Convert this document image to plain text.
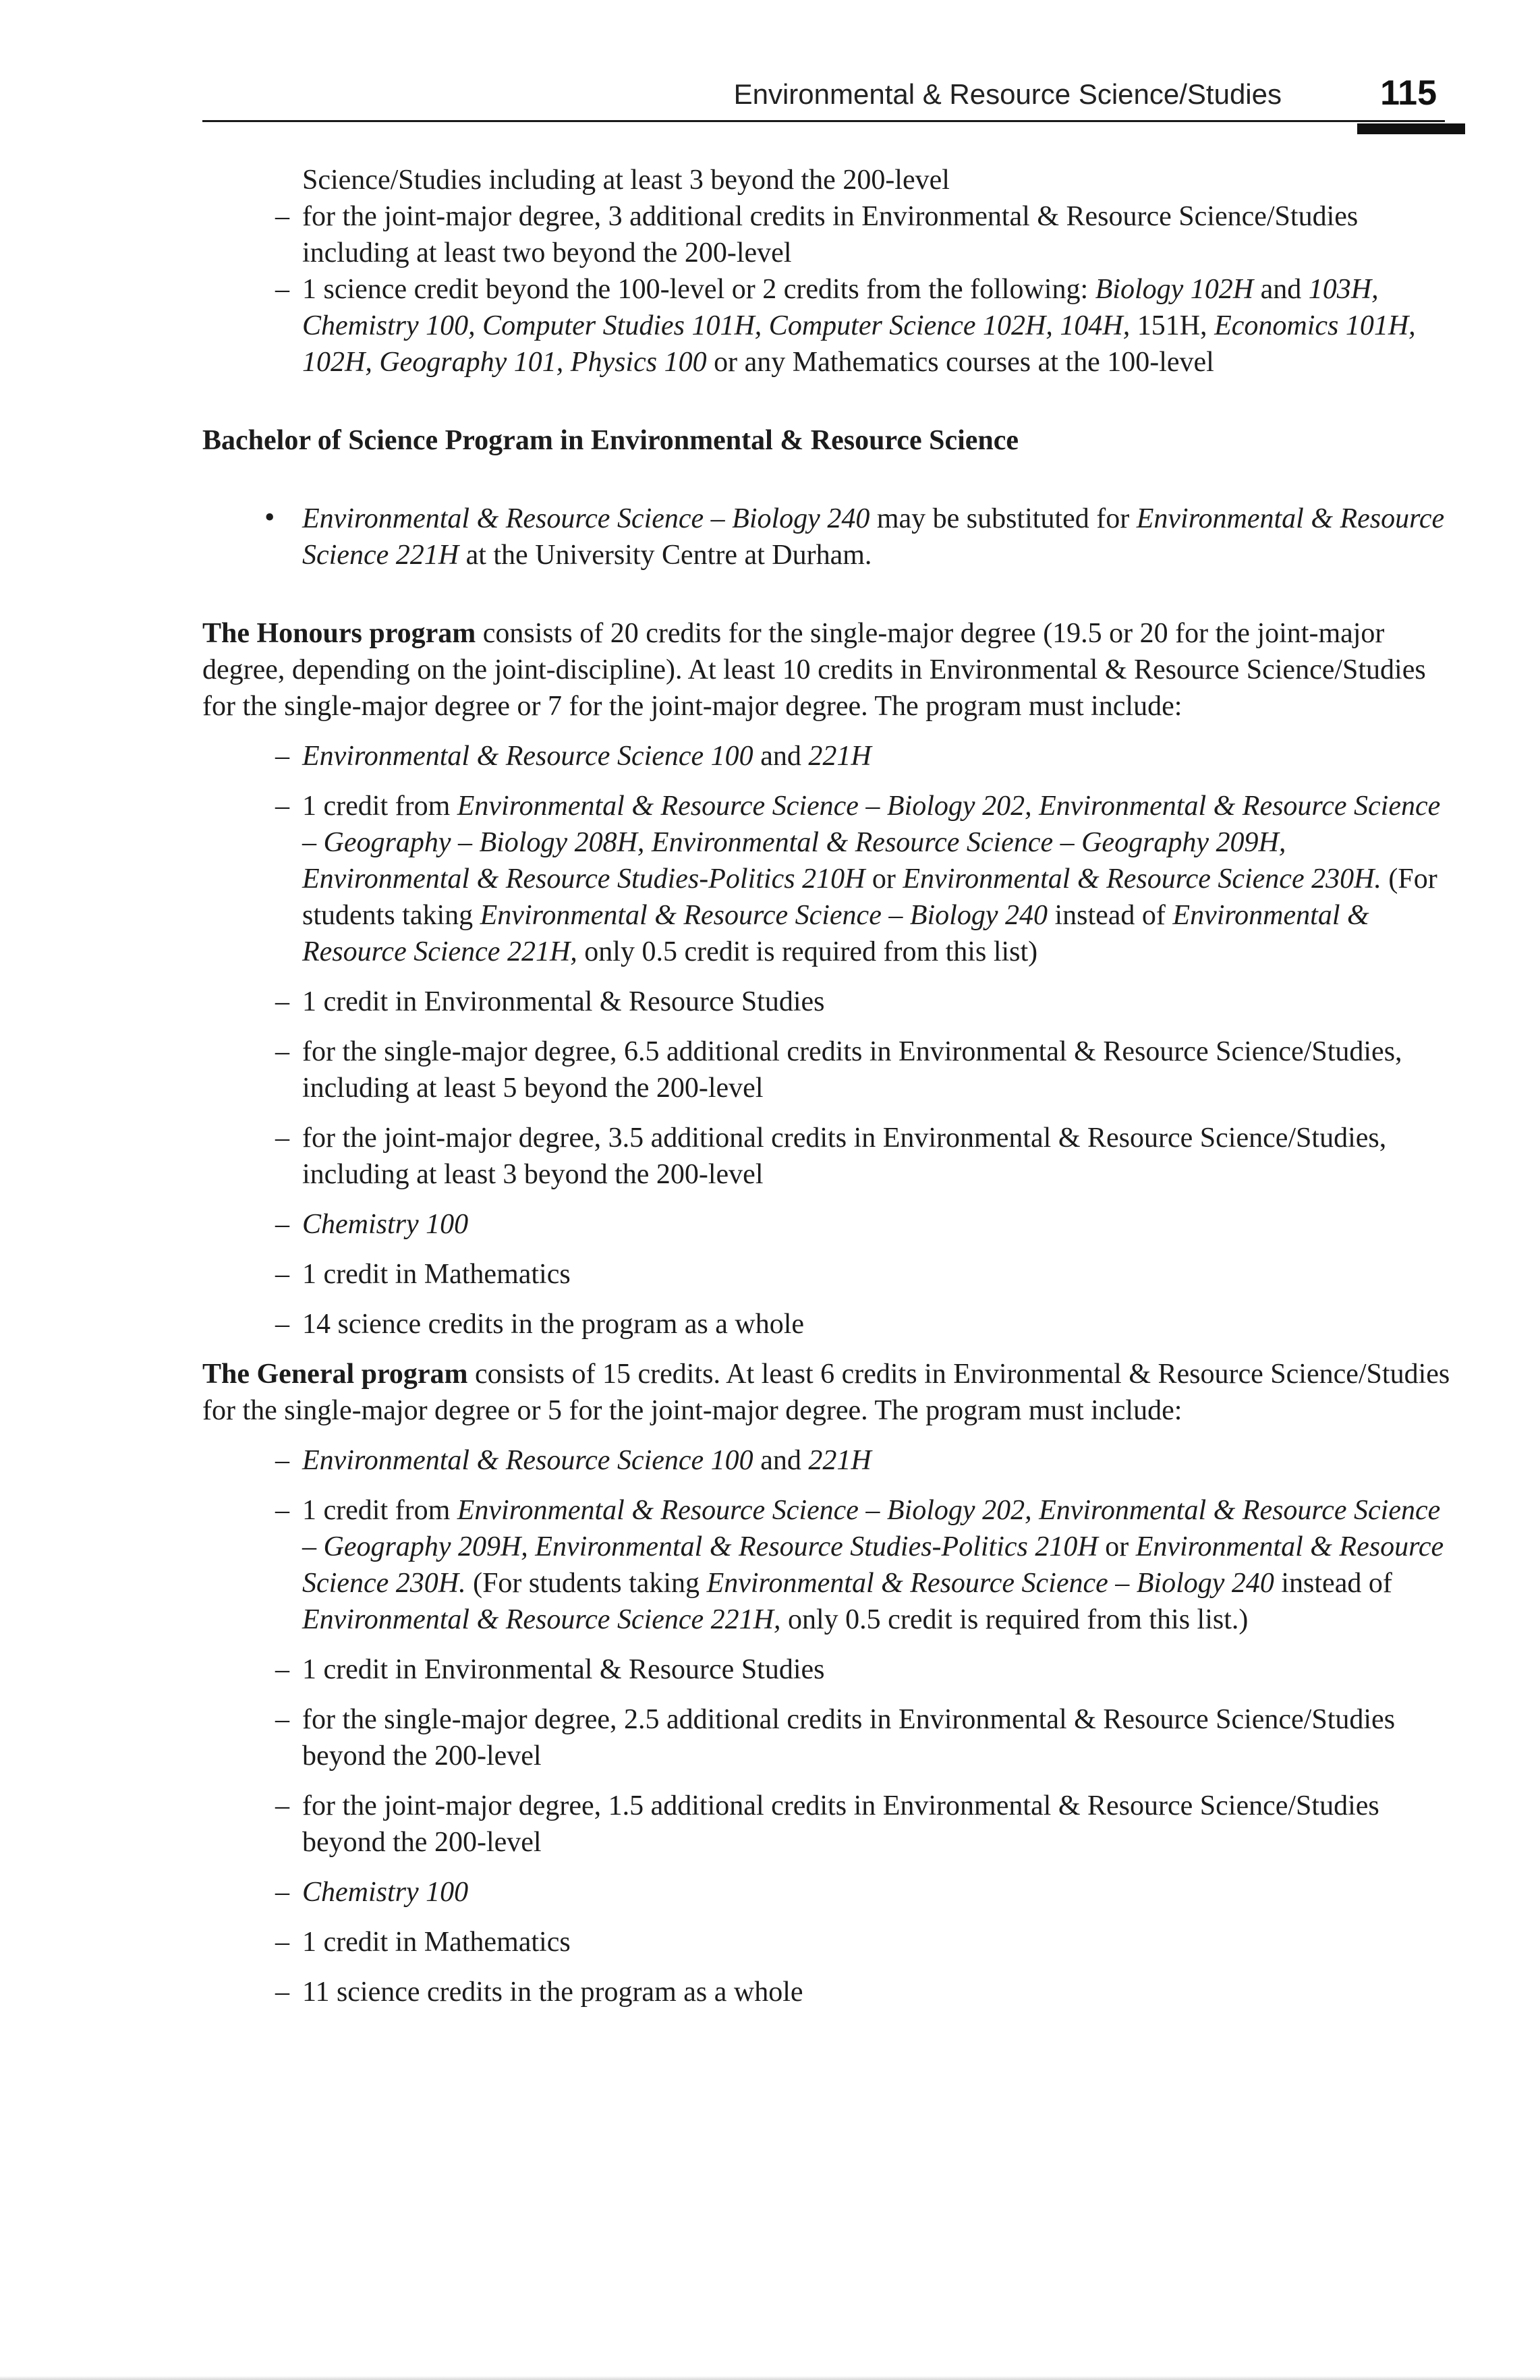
Environmental & Resource Science/Studies	115

Science/Studies including at least 3 beyond the 200-level

– for the joint-major degree, 3 additional credits in Environmental & Resource Science/Studies including at least two beyond the 200-level

– 1 science credit beyond the 100-level or 2 credits from the following: Biology 102H and 103H, Chemistry 100, Computer Studies 101H, Computer Science 102H, 104H, 151H, Economics 101H, 102H, Geography 101, Physics 100 or any Mathematics courses at the 100-level

Bachelor of Science Program in Environmental & Resource Science

• Environmental & Resource Science – Biology 240 may be substituted for Environmental & Resource Science 221H at the University Centre at Durham.

The Honours program consists of 20 credits for the single-major degree (19.5 or 20 for the joint-major degree, depending on the joint-discipline). At least 10 credits in Environmental & Resource Science/Studies for the single-major degree or 7 for the joint-major degree. The program must include:

– Environmental & Resource Science 100 and 221H

– 1 credit from Environmental & Resource Science – Biology 202, Environmental & Resource Science – Geography – Biology 208H, Environmental & Resource Science – Geography 209H, Environmental & Resource Studies-Politics 210H or Environmental & Resource Science 230H. (For students taking Environmental & Resource Science – Biology 240 instead of Environmental & Resource Science 221H, only 0.5 credit is required from this list)

– 1 credit in Environmental & Resource Studies

– for the single-major degree, 6.5 additional credits in Environmental & Resource Science/Studies, including at least 5 beyond the 200-level

– for the joint-major degree, 3.5 additional credits in Environmental & Resource Science/Studies, including at least 3 beyond the 200-level

– Chemistry 100

– 1 credit in Mathematics

– 14 science credits in the program as a whole

The General program consists of 15 credits. At least 6 credits in Environmental & Resource Science/Studies for the single-major degree or 5 for the joint-major degree. The program must include:

– Environmental & Resource Science 100 and 221H

– 1 credit from Environmental & Resource Science – Biology 202, Environmental & Resource Science – Geography 209H, Environmental & Resource Studies-Politics 210H or Environmental & Resource Science 230H. (For students taking Environmental & Resource Science – Biology 240 instead of Environmental & Resource Science 221H, only 0.5 credit is required from this list.)

– 1 credit in Environmental & Resource Studies

– for the single-major degree, 2.5 additional credits in Environmental & Resource Science/Studies beyond the 200-level

– for the joint-major degree, 1.5 additional credits in Environmental & Resource Science/Studies beyond the 200-level

– Chemistry 100

– 1 credit in Mathematics

– 11 science credits in the program as a whole
